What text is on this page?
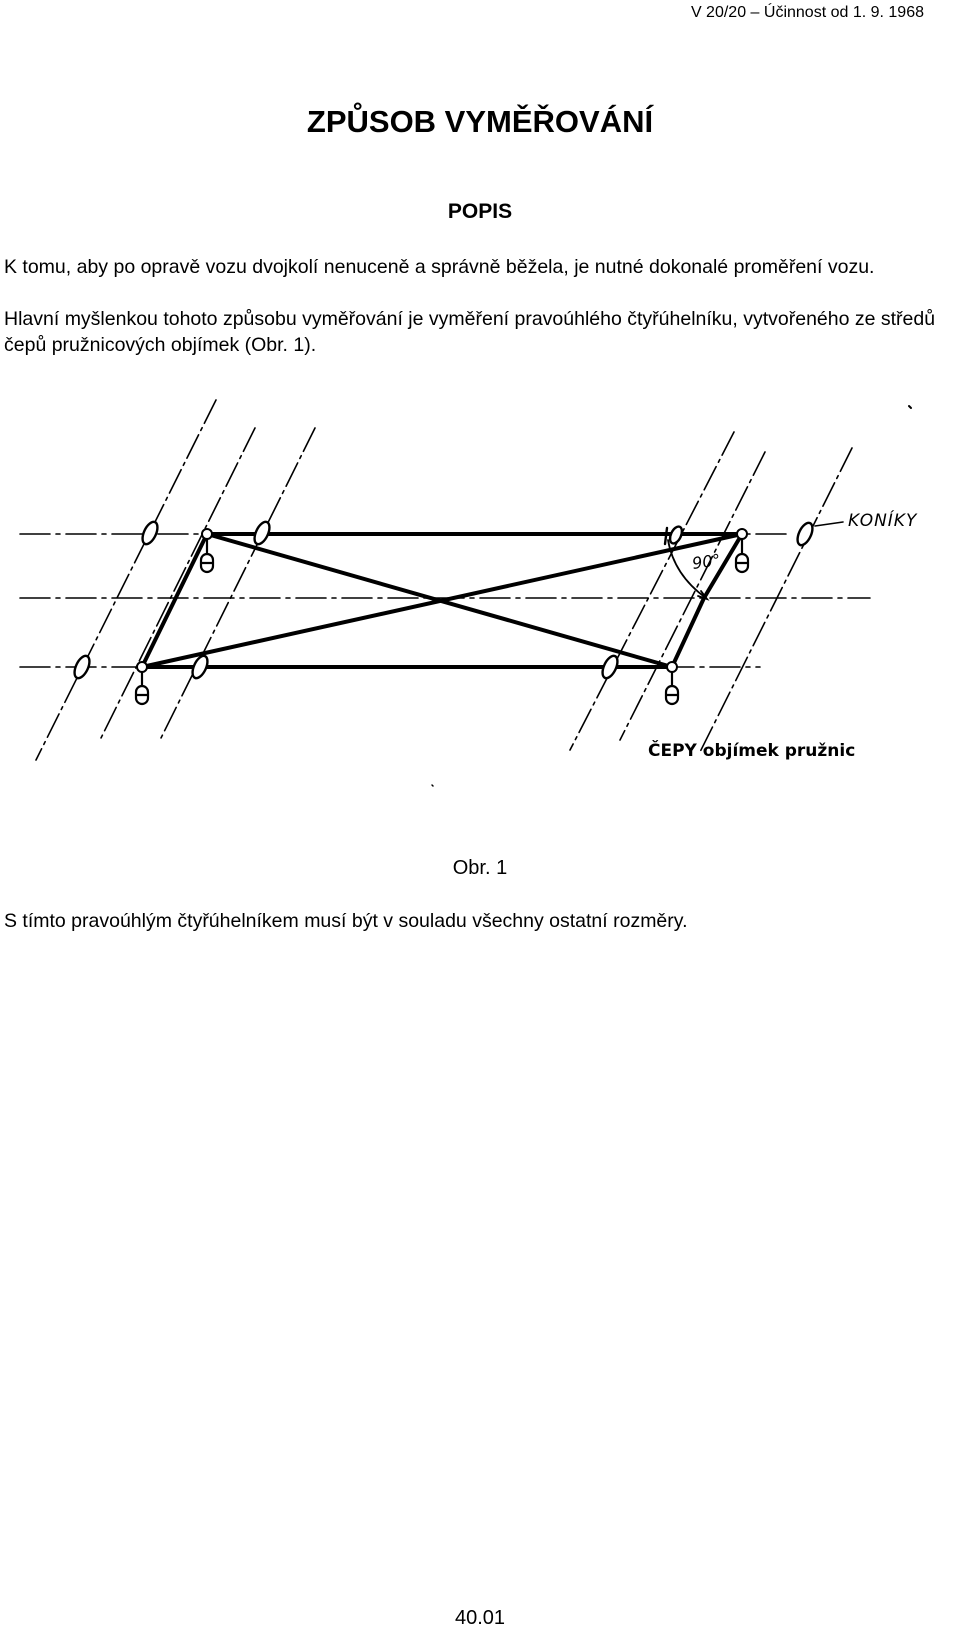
V 20/20 – Účinnost od 1. 9. 1968
ZPŮSOB VYMĚŘOVÁNÍ
POPIS
K tomu, aby po opravě vozu dvojkolí nenuceně a správně běžela, je nutné dokonalé proměření vozu.
Hlavní myšlenkou tohoto způsobu vyměřování je vyměření pravoúhlého čtyřúhelníku, vytvořeného ze středů čepů pružnicových objímek (Obr. 1).
90°
KONÍKY
ČEPY objímek pružnic
Obr. 1
S tímto pravoúhlým čtyřúhelníkem musí být v souladu všechny ostatní rozměry.
40.01
